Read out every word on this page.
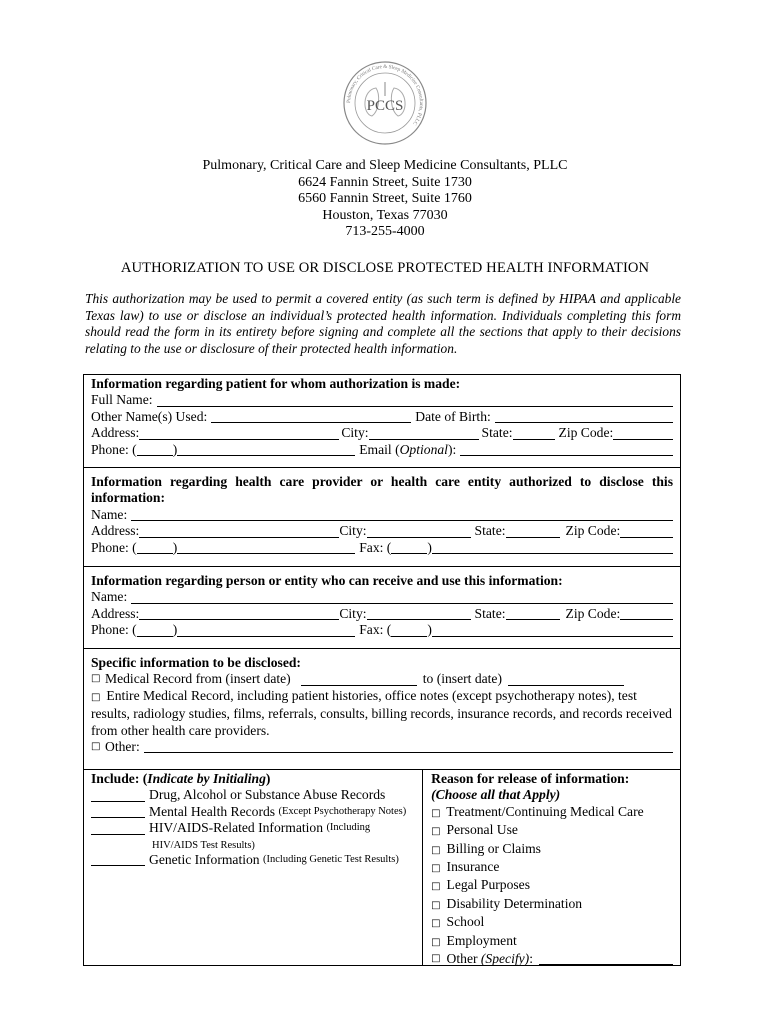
Pulmonary, Critical Care & Sleep Medicine Consultants, PLLC
PCCS
Pulmonary, Critical Care and Sleep Medicine Consultants, PLLC
6624 Fannin Street, Suite 1730
6560 Fannin Street, Suite 1760
Houston, Texas 77030
713-255-4000
AUTHORIZATION TO USE OR DISCLOSE PROTECTED HEALTH INFORMATION
This authorization may be used to permit a covered entity (as such term is defined by HIPAA and applicable Texas law) to use or disclose an individual’s protected health information. Individuals completing this form should read the form in its entirety before signing and complete all the sections that apply to their decisions relating to the use or disclosure of their protected health information.
Information regarding patient for whom authorization is made:
Full Name:
Other Name(s) Used:	Date of Birth:
Address:	City:	State:	Zip Code:
Phone: (	)	Email (Optional):
Information regarding health care provider or health care entity authorized to disclose this information:
Name:
Address:	City:	State:	Zip Code:
Phone: (	)	Fax: (	)
Information regarding person or entity who can receive and use this information:
Name:
Address:	City:	State:	Zip Code:
Phone: (	)	Fax: (	)
Specific information to be disclosed:
□ Medical Record from (insert date)	to (insert date)
□ Entire Medical Record, including patient histories, office notes (except psychotherapy notes), test results, radiology studies, films, referrals, consults, billing records, insurance records, and records received from other health care providers.
□ Other:
Include: (Indicate by Initialing)
Drug, Alcohol or Substance Abuse Records
Mental Health Records
(Except Psychotherapy Notes)
HIV/AIDS-Related Information
(Including
HIV/AIDS Test Results)
Genetic Information
(Including Genetic Test Results)
Reason for release of information:
(Choose all that Apply)
□ Treatment/Continuing Medical Care
□ Personal Use
□ Billing or Claims
□ Insurance
□ Legal Purposes
□ Disability Determination
□ School
□ Employment
□
Other
(Specify) :
